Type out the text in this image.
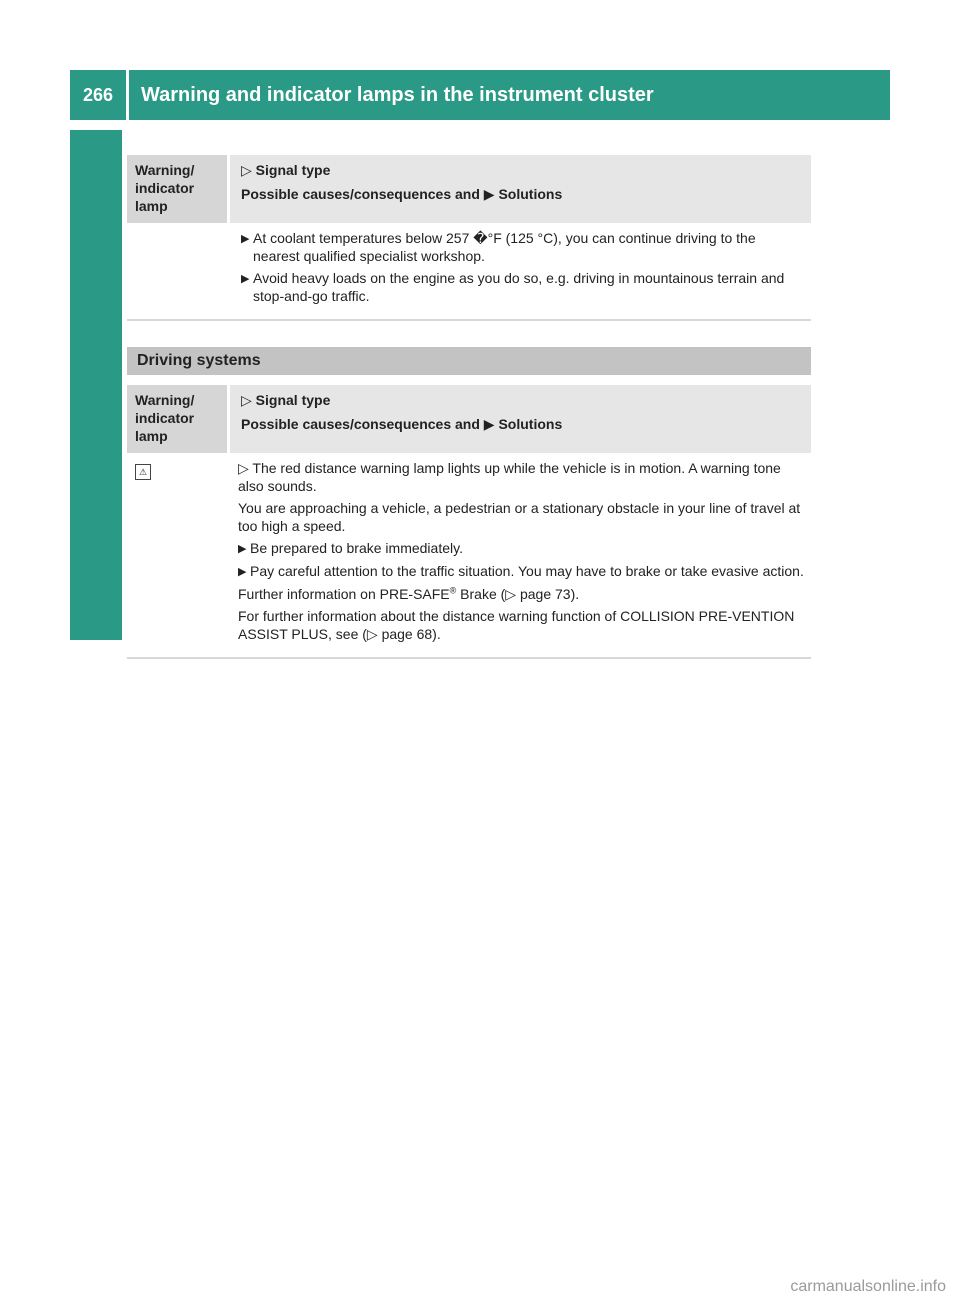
266	Warning and indicator lamps in the instrument cluster
On-board computer and displays
Warning/
indicator
lamp
▷ Signal type
Possible causes/consequences and ▶ Solutions
▶ At coolant temperatures below 257 �°F (125 °C), you can continue driving to the nearest qualified specialist workshop.
▶ Avoid heavy loads on the engine as you do so, e.g. driving in mountainous terrain and stop-and-go traffic.
Driving systems
Warning/
indicator
lamp
▷ Signal type
Possible causes/consequences and ▶ Solutions
⚠	▷ The red distance warning lamp lights up while the vehicle is in motion. A warning tone also sounds.
You are approaching a vehicle, a pedestrian or a stationary obstacle in your line of travel at too high a speed.
▶ Be prepared to brake immediately.
▶ Pay careful attention to the traffic situation. You may have to brake or take evasive action.
Further information on PRE-SAFE® Brake (▷ page 73).
For further information about the distance warning function of COLLISION PRE-VENTION ASSIST PLUS, see (▷ page 68).
carmanualsonline.info
